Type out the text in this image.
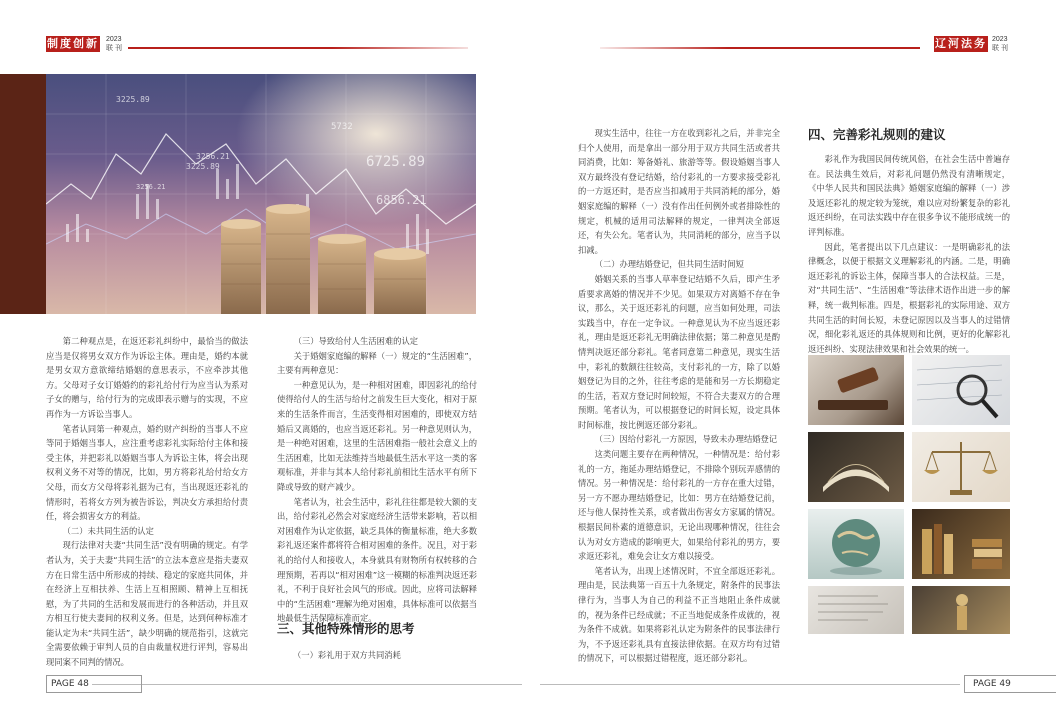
制度创新 2023
联 刊	辽河法务 2023
联 刊
3225.89
6725.89
5732
3256.21
3225.89
6856.21
3256.21

第二种观点是，在返还彩礼纠纷中，最恰当的做法应当是仅将男女双方作为诉讼主体。理由是，婚约本就是男女双方意欲缔结婚姻的意思表示，不应牵涉其他方。父母对子女订婚婚约的彩礼给付行为应当认为系对子女的赠与，给付行为的完成即表示赠与的实现，不应再作为一方诉讼当事人。

笔者认同第一种观点，婚约财产纠纷的当事人不应等同于婚姻当事人，应注重考虑彩礼实际给付主体和接受主体，并把彩礼以婚姻当事人为诉讼主体，将会出现权利义务不对等的情况，比如，男方将彩礼给付给女方父母，而女方父母将彩礼据为己有，当出现返还彩礼的情形时，若将女方列为被告诉讼，判决女方承担给付责任，将会损害女方的利益。

（二）未共同生活的认定

现行法律对夫妻“共同生活”没有明确的规定。有学者认为，关于夫妻“共同生活”的立法本意应是指夫妻双方在日常生活中所形成的持续、稳定的家庭共同体，并在经济上互相扶养、生活上互相照顾、精神上互相抚慰，为了共同的生活和发展而进行的各种活动，并且双方相互行使夫妻间的权利义务。但是，达到何种标准才能认定为未“共同生活”，缺少明确的规范指引，这就完全需要依赖于审判人员的自由裁量权进行评判，容易出现同案不同判的情况。

（三）导致给付人生活困难的认定

关于婚姻家庭编的解释（一）规定的“生活困难”，主要有两种意见：

一种意见认为，是一种相对困难，即因彩礼的给付使得给付人的生活与给付之前发生巨大变化，相对于原来的生活条件而言，生活变得相对困难的，即使双方结婚后又离婚的，也应当返还彩礼。另一种意见则认为，是一种绝对困难，这里的生活困难指一般社会意义上的生活困难，比如无法维持当地最低生活水平这一类的客观标准，并非与其本人给付彩礼前相比生活水平有所下降或导致的财产减少。

笔者认为，社会生活中，彩礼往往都是较大额的支出，给付彩礼必然会对家庭经济生活带来影响，若以相对困难作为认定依据，缺乏具体的衡量标准，绝大多数彩礼返还案件都将符合相对困难的条件。况且，对于彩礼的给付人和接收人，本身就具有财物所有权转移的合理预期，若再以“相对困难”这一模糊的标准判决返还彩礼，不利于良好社会风气的形成。因此，应将司法解释中的“生活困难”理解为绝对困难，具体标准可以依据当地最低生活保障标准而定。

三、其他特殊情形的思考
（一）彩礼用于双方共同消耗

现实生活中，往往一方在收到彩礼之后，并非完全归个人使用，而是拿出一部分用于双方共同生活或者共同消费，比如：筹备婚礼、旅游等等。假设婚姻当事人双方最终没有登记结婚，给付彩礼的一方要求接受彩礼的一方返还时，是否应当扣减用于共同消耗的部分，婚姻家庭编的解释（一）没有作出任何例外或者排除性的规定，机械的适用司法解释的规定，一律判决全部返还，有失公允。笔者认为，共同消耗的部分，应当予以扣减。

（二）办理结婚登记，但共同生活时间短

婚姻关系的当事人草率登记结婚不久后，即产生矛盾要求离婚的情况并不少见。如果双方对离婚不存在争议，那么，关于返还彩礼的问题，应当如何处理，司法实践当中，存在一定争议。一种意见认为不应当返还彩礼，理由是返还彩礼无明确法律依据；第二种意见是酌情判决返还部分彩礼。笔者同意第二种意见，现实生活中，彩礼的数额往往较高，支付彩礼的一方，除了以婚姻登记为目的之外，往往考虑的是能和另一方长期稳定的生活，若双方登记时间较短，不符合夫妻双方的合理预期。笔者认为，可以根据登记的时间长短，设定具体时间标准，按比例返还部分彩礼。

（三）因给付彩礼一方原因，导致未办理结婚登记

这类问题主要存在两种情况，一种情况是：给付彩礼的一方，拖延办理结婚登记，不排除个别玩弄感情的情况。另一种情况是：给付彩礼的一方存在重大过错，另一方不愿办理结婚登记，比如：男方在结婚登记前，还与他人保持性关系，或者做出伤害女方家属的情况。根据民间朴素的道德意识，无论出现哪种情况，往往会认为对女方造成的影响更大，如果给付彩礼的男方，要求返还彩礼，难免会让女方难以接受。

笔者认为，出现上述情况时，不宜全部返还彩礼。理由是，民法典第一百五十九条规定，附条件的民事法律行为，当事人为自己的利益不正当地阻止条件成就的，视为条件已经成就；不正当地促成条件成就的，视为条件不成就。如果将彩礼认定为附条件的民事法律行为，不予返还彩礼具有直接法律依据。在双方均有过错的情况下，可以根据过错程度，返还部分彩礼。

四、完善彩礼规则的建议

彩礼作为我国民间传统风俗，在社会生活中普遍存在。民法典生效后，对彩礼问题仍然没有清晰规定，《中华人民共和国民法典》婚姻家庭编的解释（一）涉及返还彩礼的规定较为笼统，难以应对纷繁复杂的彩礼返还纠纷，在司法实践中存在很多争议不能形成统一的评判标准。

因此，笔者提出以下几点建议：一是明确彩礼的法律概念，以便于根据文义理解彩礼的内涵。二是，明确返还彩礼的诉讼主体，保障当事人的合法权益。三是，对“共同生活”、“生活困难”等法律术语作出进一步的解释，统一裁判标准。四是，根据彩礼的实际用途、双方共同生活的时间长短，未登记原因以及当事人的过错情况，细化彩礼返还的具体规则和比例，更好的化解彩礼返还纠纷、实现法律效果和社会效果的统一。

PAGE 48	PAGE 49
